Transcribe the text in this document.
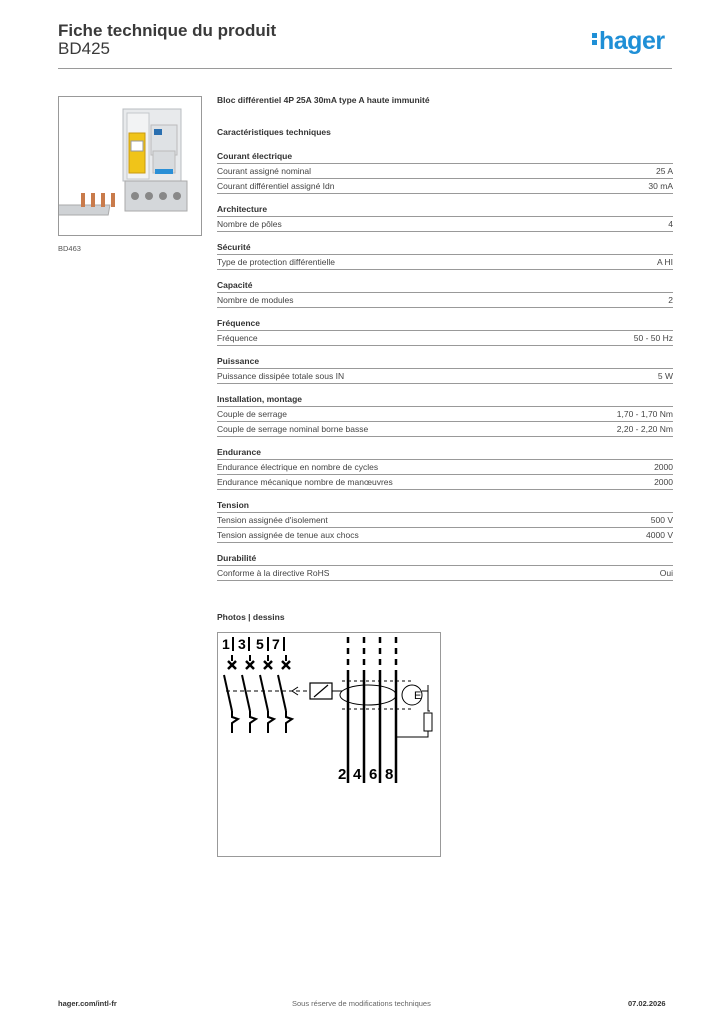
Fiche technique du produit
BD425	hager
BD463
Bloc différentiel 4P 25A 30mA type A haute immunité
Caractéristiques techniques
Courant électrique
Courant assigné nominal	25 A
Courant différentiel assigné Idn	30 mA
Architecture
Nombre de pôles	4
Sécurité
Type de protection différentielle	A HI
Capacité
Nombre de modules	2
Fréquence
Fréquence	50 - 50 Hz
Puissance
Puissance dissipée totale sous IN	5 W
Installation, montage
Couple de serrage	1,70 - 1,70 Nm
Couple de serrage nominal borne basse	2,20 - 2,20 Nm
Endurance
Endurance électrique en nombre de cycles	2000
Endurance mécanique nombre de manœuvres	2000
Tension
Tension assignée d'isolement	500 V
Tension assignée de tenue aux chocs	4000 V
Durabilité
Conforme à la directive RoHS	Oui
Photos | dessins
1 3 5 7
E
2 4 6 8
hager.com/intl-fr	Sous réserve de modifications techniques	07.02.2026
